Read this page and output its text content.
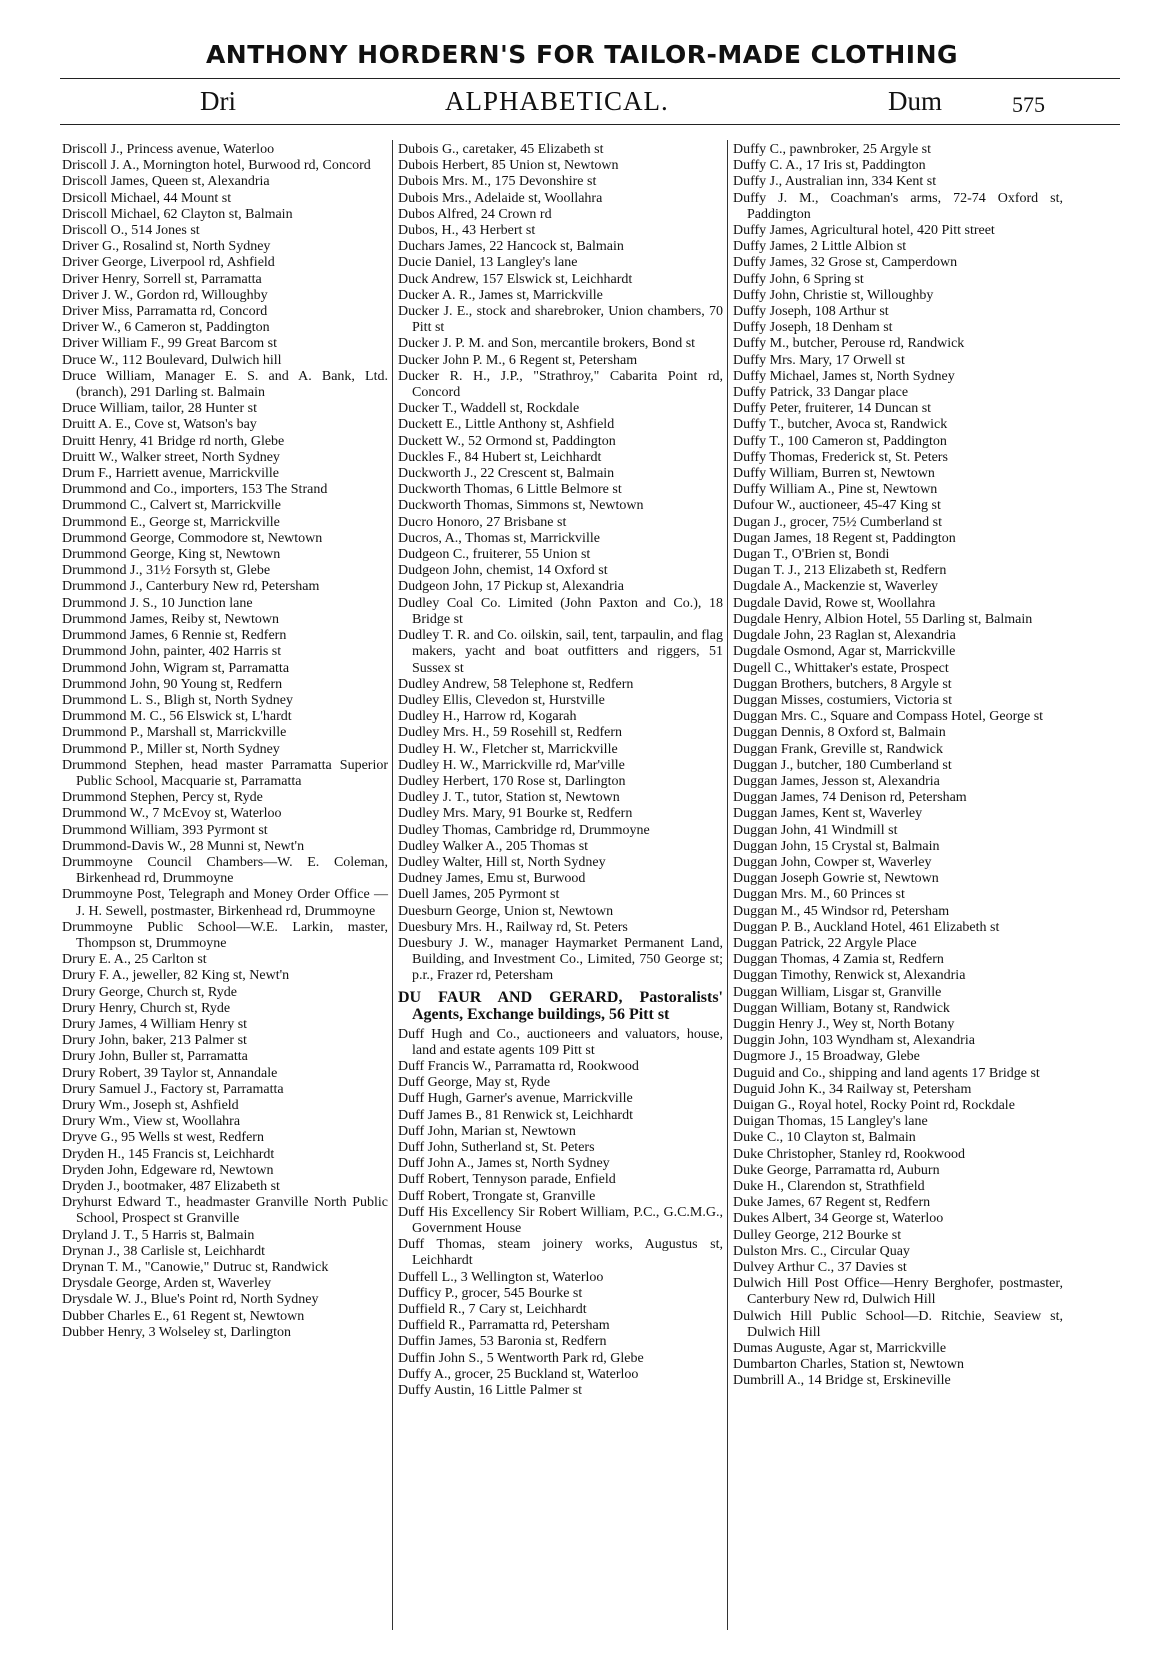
ANTHONY HORDERN'S FOR TAILOR-MADE CLOTHING
Dri	ALPHABETICAL.	Dum	575

Driscoll J., Princess avenue, Waterloo

Driscoll J. A., Mornington hotel, Burwood rd, Concord

Driscoll James, Queen st, Alexandria

Drsicoll Michael, 44 Mount st

Driscoll Michael, 62 Clayton st, Balmain

Driscoll O., 514 Jones st

Driver G., Rosalind st, North Sydney

Driver George, Liverpool rd, Ashfield

Driver Henry, Sorrell st, Parramatta

Driver J. W., Gordon rd, Willoughby

Driver Miss, Parramatta rd, Concord

Driver W., 6 Cameron st, Paddington

Driver William F., 99 Great Barcom st

Druce W., 112 Boulevard, Dulwich hill

Druce William, Manager E. S. and A. Bank, Ltd. (branch), 291 Darling st. Balmain

Druce William, tailor, 28 Hunter st

Druitt A. E., Cove st, Watson's bay

Druitt Henry, 41 Bridge rd north, Glebe

Druitt W., Walker street, North Sydney

Drum F., Harriett avenue, Marrickville

Drummond and Co., importers, 153 The Strand

Drummond C., Calvert st, Marrickville

Drummond E., George st, Marrickville

Drummond George, Commodore st, Newtown

Drummond George, King st, Newtown

Drummond J., 31½ Forsyth st, Glebe

Drummond J., Canterbury New rd, Petersham

Drummond J. S., 10 Junction lane

Drummond James, Reiby st, Newtown

Drummond James, 6 Rennie st, Redfern

Drummond John, painter, 402 Harris st

Drummond John, Wigram st, Parramatta

Drummond John, 90 Young st, Redfern

Drummond L. S., Bligh st, North Sydney

Drummond M. C., 56 Elswick st, L'hardt

Drummond P., Marshall st, Marrickville

Drummond P., Miller st, North Sydney

Drummond Stephen, head master Parramatta Superior Public School, Macquarie st, Parramatta

Drummond Stephen, Percy st, Ryde

Drummond W., 7 McEvoy st, Waterloo

Drummond William, 393 Pyrmont st

Drummond-Davis W., 28 Munni st, Newt'n

Drummoyne Council Chambers—W. E. Coleman, Birkenhead rd, Drummoyne

Drummoyne Post, Telegraph and Money Order Office — J. H. Sewell, postmaster, Birkenhead rd, Drummoyne

Drummoyne Public School—W.E. Larkin, master, Thompson st, Drummoyne

Drury E. A., 25 Carlton st

Drury F. A., jeweller, 82 King st, Newt'n

Drury George, Church st, Ryde

Drury Henry, Church st, Ryde

Drury James, 4 William Henry st

Drury John, baker, 213 Palmer st

Drury John, Buller st, Parramatta

Drury Robert, 39 Taylor st, Annandale

Drury Samuel J., Factory st, Parramatta

Drury Wm., Joseph st, Ashfield

Drury Wm., View st, Woollahra

Dryve G., 95 Wells st west, Redfern

Dryden H., 145 Francis st, Leichhardt

Dryden John, Edgeware rd, Newtown

Dryden J., bootmaker, 487 Elizabeth st

Dryhurst Edward T., headmaster Granville North Public School, Prospect st Granville

Dryland J. T., 5 Harris st, Balmain

Drynan J., 38 Carlisle st, Leichhardt

Drynan T. M., "Canowie," Dutruc st, Randwick

Drysdale George, Arden st, Waverley

Drysdale W. J., Blue's Point rd, North Sydney

Dubber Charles E., 61 Regent st, Newtown

Dubber Henry, 3 Wolseley st, Darlington

Dubois G., caretaker, 45 Elizabeth st

Dubois Herbert, 85 Union st, Newtown

Dubois Mrs. M., 175 Devonshire st

Dubois Mrs., Adelaide st, Woollahra

Dubos Alfred, 24 Crown rd

Dubos, H., 43 Herbert st

Duchars James, 22 Hancock st, Balmain

Ducie Daniel, 13 Langley's lane

Duck Andrew, 157 Elswick st, Leichhardt

Ducker A. R., James st, Marrickville

Ducker J. E., stock and sharebroker, Union chambers, 70 Pitt st

Ducker J. P. M. and Son, mercantile brokers, Bond st

Ducker John P. M., 6 Regent st, Petersham

Ducker R. H., J.P., "Strathroy," Cabarita Point rd, Concord

Ducker T., Waddell st, Rockdale

Duckett E., Little Anthony st, Ashfield

Duckett W., 52 Ormond st, Paddington

Duckles F., 84 Hubert st, Leichhardt

Duckworth J., 22 Crescent st, Balmain

Duckworth Thomas, 6 Little Belmore st

Duckworth Thomas, Simmons st, Newtown

Ducro Honoro, 27 Brisbane st

Ducros, A., Thomas st, Marrickville

Dudgeon C., fruiterer, 55 Union st

Dudgeon John, chemist, 14 Oxford st

Dudgeon John, 17 Pickup st, Alexandria

Dudley Coal Co. Limited (John Paxton and Co.), 18 Bridge st

Dudley T. R. and Co. oilskin, sail, tent, tarpaulin, and flag makers, yacht and boat outfitters and riggers, 51 Sussex st

Dudley Andrew, 58 Telephone st, Redfern

Dudley Ellis, Clevedon st, Hurstville

Dudley H., Harrow rd, Kogarah

Dudley Mrs. H., 59 Rosehill st, Redfern

Dudley H. W., Fletcher st, Marrickville

Dudley H. W., Marrickville rd, Mar'ville

Dudley Herbert, 170 Rose st, Darlington

Dudley J. T., tutor, Station st, Newtown

Dudley Mrs. Mary, 91 Bourke st, Redfern

Dudley Thomas, Cambridge rd, Drummoyne

Dudley Walker A., 205 Thomas st

Dudley Walter, Hill st, North Sydney

Dudney James, Emu st, Burwood

Duell James, 205 Pyrmont st

Duesburn George, Union st, Newtown

Duesbury Mrs. H., Railway rd, St. Peters

Duesbury J. W., manager Haymarket Permanent Land, Building, and Investment Co., Limited, 750 George st; p.r., Frazer rd, Petersham

DU FAUR AND GERARD, Pastoralists' Agents, Exchange buildings, 56 Pitt st

Duff Hugh and Co., auctioneers and valuators, house, land and estate agents 109 Pitt st

Duff Francis W., Parramatta rd, Rookwood

Duff George, May st, Ryde

Duff Hugh, Garner's avenue, Marrickville

Duff James B., 81 Renwick st, Leichhardt

Duff John, Marian st, Newtown

Duff John, Sutherland st, St. Peters

Duff John A., James st, North Sydney

Duff Robert, Tennyson parade, Enfield

Duff Robert, Trongate st, Granville

Duff His Excellency Sir Robert William, P.C., G.C.M.G., Government House

Duff Thomas, steam joinery works, Augustus st, Leichhardt

Duffell L., 3 Wellington st, Waterloo

Dufficy P., grocer, 545 Bourke st

Duffield R., 7 Cary st, Leichhardt

Duffield R., Parramatta rd, Petersham

Duffin James, 53 Baronia st, Redfern

Duffin John S., 5 Wentworth Park rd, Glebe

Duffy A., grocer, 25 Buckland st, Waterloo

Duffy Austin, 16 Little Palmer st

Duffy C., pawnbroker, 25 Argyle st

Duffy C. A., 17 Iris st, Paddington

Duffy J., Australian inn, 334 Kent st

Duffy J. M., Coachman's arms, 72-74 Oxford st, Paddington

Duffy James, Agricultural hotel, 420 Pitt street

Duffy James, 2 Little Albion st

Duffy James, 32 Grose st, Camperdown

Duffy John, 6 Spring st

Duffy John, Christie st, Willoughby

Duffy Joseph, 108 Arthur st

Duffy Joseph, 18 Denham st

Duffy M., butcher, Perouse rd, Randwick

Duffy Mrs. Mary, 17 Orwell st

Duffy Michael, James st, North Sydney

Duffy Patrick, 33 Dangar place

Duffy Peter, fruiterer, 14 Duncan st

Duffy T., butcher, Avoca st, Randwick

Duffy T., 100 Cameron st, Paddington

Duffy Thomas, Frederick st, St. Peters

Duffy William, Burren st, Newtown

Duffy William A., Pine st, Newtown

Dufour W., auctioneer, 45-47 King st

Dugan J., grocer, 75½ Cumberland st

Dugan James, 18 Regent st, Paddington

Dugan T., O'Brien st, Bondi

Dugan T. J., 213 Elizabeth st, Redfern

Dugdale A., Mackenzie st, Waverley

Dugdale David, Rowe st, Woollahra

Dugdale Henry, Albion Hotel, 55 Darling st, Balmain

Dugdale John, 23 Raglan st, Alexandria

Dugdale Osmond, Agar st, Marrickville

Dugell C., Whittaker's estate, Prospect

Duggan Brothers, butchers, 8 Argyle st

Duggan Misses, costumiers, Victoria st

Duggan Mrs. C., Square and Compass Hotel, George st

Duggan Dennis, 8 Oxford st, Balmain

Duggan Frank, Greville st, Randwick

Duggan J., butcher, 180 Cumberland st

Duggan James, Jesson st, Alexandria

Duggan James, 74 Denison rd, Petersham

Duggan James, Kent st, Waverley

Duggan John, 41 Windmill st

Duggan John, 15 Crystal st, Balmain

Duggan John, Cowper st, Waverley

Duggan Joseph Gowrie st, Newtown

Duggan Mrs. M., 60 Princes st

Duggan M., 45 Windsor rd, Petersham

Duggan P. B., Auckland Hotel, 461 Elizabeth st

Duggan Patrick, 22 Argyle Place

Duggan Thomas, 4 Zamia st, Redfern

Duggan Timothy, Renwick st, Alexandria

Duggan William, Lisgar st, Granville

Duggan William, Botany st, Randwick

Duggin Henry J., Wey st, North Botany

Duggin John, 103 Wyndham st, Alexandria

Dugmore J., 15 Broadway, Glebe

Duguid and Co., shipping and land agents 17 Bridge st

Duguid John K., 34 Railway st, Petersham

Duigan G., Royal hotel, Rocky Point rd, Rockdale

Duigan Thomas, 15 Langley's lane

Duke C., 10 Clayton st, Balmain

Duke Christopher, Stanley rd, Rookwood

Duke George, Parramatta rd, Auburn

Duke H., Clarendon st, Strathfield

Duke James, 67 Regent st, Redfern

Dukes Albert, 34 George st, Waterloo

Dulley George, 212 Bourke st

Dulston Mrs. C., Circular Quay

Dulvey Arthur C., 37 Davies st

Dulwich Hill Post Office—Henry Berghofer, postmaster, Canterbury New rd, Dulwich Hill

Dulwich Hill Public School—D. Ritchie, Seaview st, Dulwich Hill

Dumas Auguste, Agar st, Marrickville

Dumbarton Charles, Station st, Newtown

Dumbrill A., 14 Bridge st, Erskineville
